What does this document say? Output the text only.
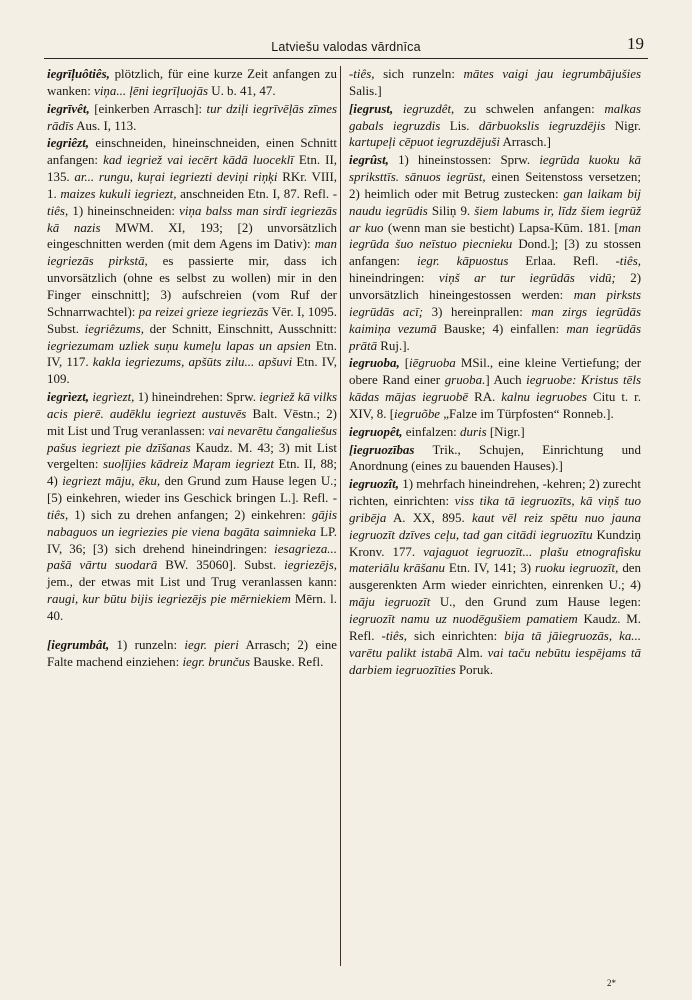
Latviešu valodas vārdnīca	19

iegrīļuôtiês, plötzlich, für eine kurze Zeit anfangen zu wanken: viņa... ļēni iegrīļuojās U. b. 41, 47.

iegrīvêt, [einkerben Arrasch]: tur dziļi iegrīvēļās zīmes rādīs Aus. I, 113.

iegriêzt, einschneiden, hineinschneiden, einen Schnitt anfangen: kad iegriež vai iecērt kādā luoceklī Etn. II, 135. ar... rungu, kuŗai iegriezti deviņi riņķi RKr. VIII, 1. maizes kukuli iegriezt, anschneiden Etn. I, 87. Refl. -tiês, 1) hineinschneiden: viņa balss man sirdī iegriezās kā nazis MWM. XI, 193; [2) unvorsätzlich eingeschnitten werden (mit dem Agens im Dativ): man iegriezās pirkstā, es passierte mir, dass ich unvorsätzlich (ohne es selbst zu wollen) mir in den Finger einschnitt]; 3) aufschreien (vom Ruf der Schnarrwachtel): pa reizei grieze iegriezās Vēr. I, 1095. Subst. iegriêzums, der Schnitt, Einschnitt, Ausschnitt: iegriezumam uzliek suņu kumeļu lapas un apsien Etn. IV, 117. kakla iegriezums, apšūts zilu... apšuvi Etn. IV, 109.

iegrìezt, iegrìezt, 1) hineindrehen: Sprw. iegriež kā vilks acis pierē. audēklu iegriezt austuvēs Balt. Vēstn.; 2) mit List und Trug veranlassen: vai nevarētu čangaliešus pašus iegriezt pie dzīšanas Kaudz. M. 43; 3) mit List vergelten: suoļījies kādreiz Maŗam iegriezt Etn. II, 88; 4) iegriezt māju, ēku, den Grund zum Hause legen U.; [5) einkehren, wieder ins Geschick bringen L.]. Refl. -tiês, 1) sich zu drehen anfangen; 2) einkehren: gājis nabaguos un iegriezies pie viena bagāta saimnieka LP. IV, 36; [3) sich drehend hineindringen: iesagrieza... pašā vārtu suodarā BW. 35060]. Subst. iegriezējs, jem., der etwas mit List und Trug veranlassen kann: raugi, kur būtu bijis iegriezējs pie mērniekiem Mērn. l. 40.

[iegrumbât, 1) runzeln: iegr. pieri Arrasch; 2) eine Falte machend einziehen: iegr. brunčus Bauske. Refl.

-tiês, sich runzeln: mātes vaigi jau iegrumbājušies Salis.]

[iegrust, iegruzdêt, zu schwelen anfangen: malkas gabals iegruzdis Lis. dārbuokslis iegruzdējis Nigr. kartupeļi cēpuot iegruzdējuši Arrasch.]

iegrûst, 1) hineinstossen: Sprw. iegrūda kuoku kā spriksttīs. sānuos iegrūst, einen Seitenstoss versetzen; 2) heimlich oder mit Betrug zustecken: gan laikam bij naudu iegrūdis Siliņ 9. šiem labums ir, līdz šiem iegrūž ar kuo (wenn man sie besticht) Lapsa-Kūm. 181. [man iegrūda šuo neīstuo piecnieku Dond.]; [3) zu stossen anfangen: iegr. kāpuostus Erlaa. Refl. -tiês, hineindringen: viņš ar tur iegrūdās vidū; 2) unvorsätzlich hineingestossen werden: man pirksts iegrūdās acī; 3) hereinprallen: man zirgs iegrūdās kaimiņa vezumā Bauske; 4) einfallen: man iegrūdās prātā Ruj.].

iegruoba, [iēgruoba MSil., eine kleine Vertiefung; der obere Rand einer gruoba.] Auch iegruobe: Kristus tēls kādas mājas iegruobē RA. kalnu iegruobes Citu t. r. XIV, 8. [iegruõbe „Falze im Türpfosten“ Ronneb.].

iegruopêt, einfalzen: duris [Nigr.]

[iegruozības Trik., Schujen, Einrichtung und Anordnung (eines zu bauenden Hauses).]

iegruozît, 1) mehrfach hineindrehen, -kehren; 2) zurecht richten, einrichten: viss tika tā iegruozīts, kā viņš tuo gribēja A. XX, 895. kaut vēl reiz spētu nuo jauna iegruozīt dzīves ceļu, tad gan citādi iegruozītu Kundziņ Kronv. 177. vajaguot iegruozīt... plašu etnografisku materiālu krāšanu Etn. IV, 141; 3) ruoku iegruozīt, den ausgerenkten Arm wieder einrichten, einrenken U.; 4) māju iegruozīt U., den Grund zum Hause legen: iegruozīt namu uz nuodēgušiem pamatiem Kaudz. M. Refl. -tiês, sich einrichten: bija tā jāiegruozās, ka... varētu palikt istabā Alm. vai taču nebūtu iespējams tā darbiem iegruozīties Poruk.

2*
